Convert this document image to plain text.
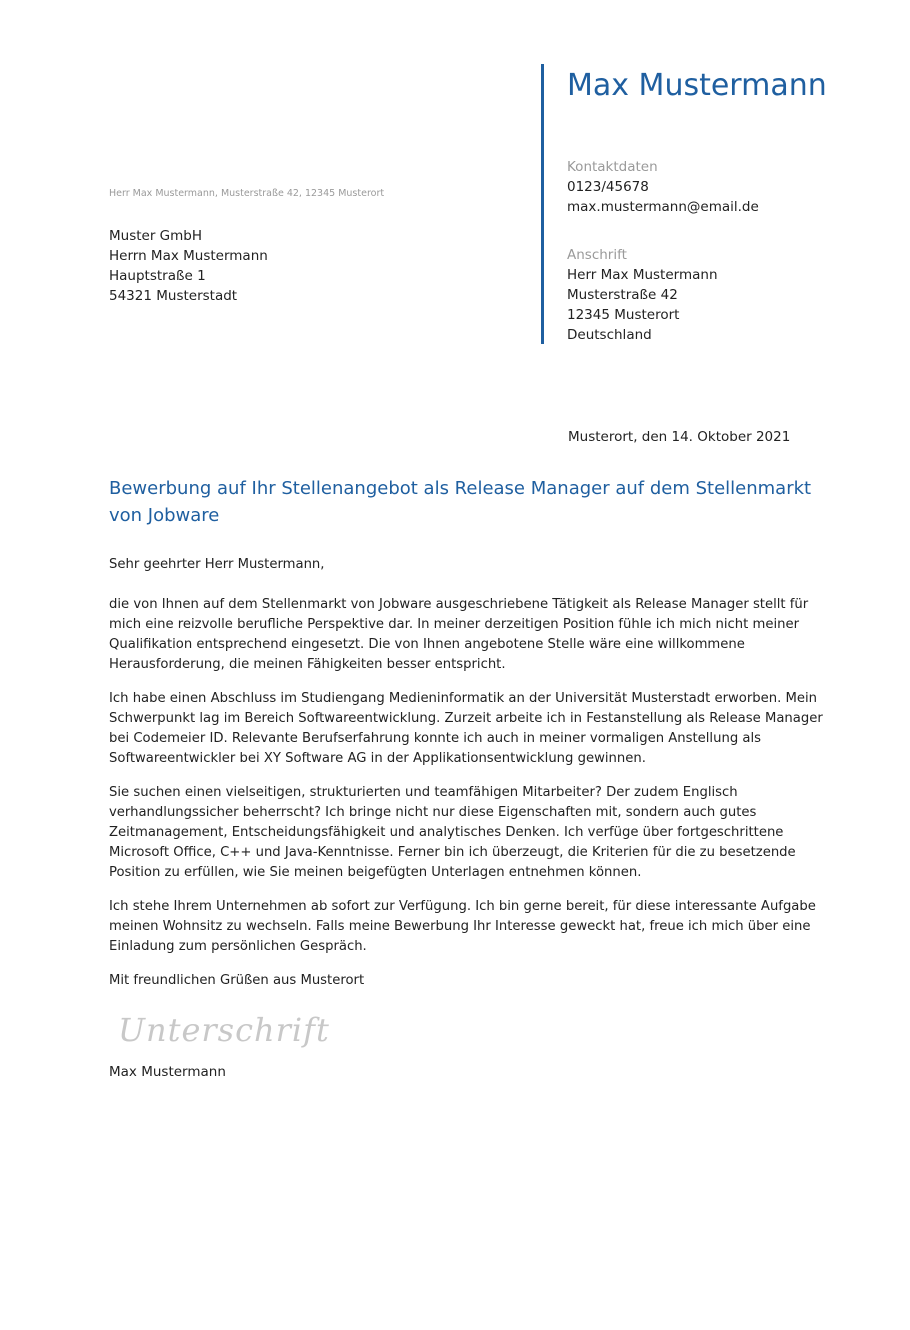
Max Mustermann
Kontaktdaten
0123/45678
max.mustermann@email.de
Anschrift
Herr Max Mustermann
Musterstraße 42
12345 Musterort
Deutschland
Herr Max Mustermann, Musterstraße 42, 12345 Musterort
Muster GmbH
Herrn Max Mustermann
Hauptstraße 1
54321 Musterstadt
Musterort, den 14. Oktober 2021
Bewerbung auf Ihr Stellenangebot als Release Manager auf dem Stellenmarkt von Jobware

Sehr geehrter Herr Mustermann,

die von Ihnen auf dem Stellenmarkt von Jobware ausgeschriebene Tätigkeit als Release Manager stellt für mich eine reizvolle berufliche Perspektive dar. In meiner derzeitigen Position fühle ich mich nicht meiner Qualifikation entsprechend eingesetzt. Die von Ihnen angebotene Stelle wäre eine willkommene Herausforderung, die meinen Fähigkeiten besser entspricht.

Ich habe einen Abschluss im Studiengang Medieninformatik an der Universität Musterstadt erworben. Mein Schwerpunkt lag im Bereich Softwareentwicklung. Zurzeit arbeite ich in Festanstellung als Release Manager bei Codemeier ID. Relevante Berufserfahrung konnte ich auch in meiner vormaligen Anstellung als Softwareentwickler bei XY Software AG in der Applikationsentwicklung gewinnen.

Sie suchen einen vielseitigen, strukturierten und teamfähigen Mitarbeiter? Der zudem Englisch verhandlungssicher beherrscht? Ich bringe nicht nur diese Eigenschaften mit, sondern auch gutes Zeitmanagement, Entscheidungsfähigkeit und analytisches Denken. Ich verfüge über fortgeschrittene Microsoft Office, C++ und Java-Kenntnisse. Ferner bin ich überzeugt, die Kriterien für die zu besetzende Position zu erfüllen, wie Sie meinen beigefügten Unterlagen entnehmen können.

Ich stehe Ihrem Unternehmen ab sofort zur Verfügung. Ich bin gerne bereit, für diese interessante Aufgabe meinen Wohnsitz zu wechseln. Falls meine Bewerbung Ihr Interesse geweckt hat, freue ich mich über eine Einladung zum persönlichen Gespräch.

Mit freundlichen Grüßen aus Musterort

Unterschrift
Max Mustermann
